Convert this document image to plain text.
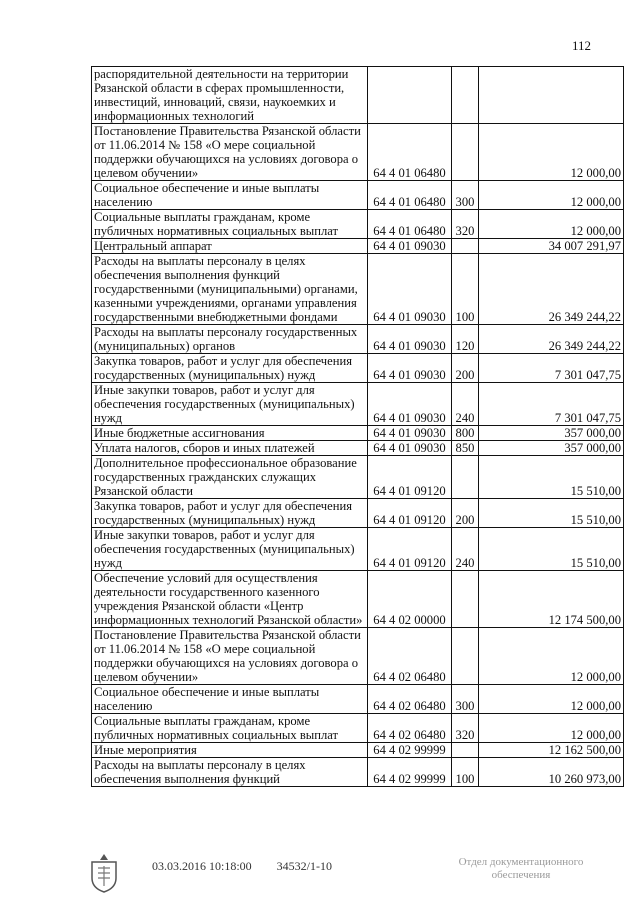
112
распорядительной деятельности на территории Рязанской области в сферах промышленности, инвестиций, инноваций, связи, наукоемких и информационных технологий			
Постановление Правительства Рязанской области от 11.06.2014 № 158 «О мере социальной поддержки обучающихся на условиях договора о целевом обучении»	64 4 01 06480		12 000,00
Социальное обеспечение и иные выплаты населению	64 4 01 06480	300	12 000,00
Социальные выплаты гражданам, кроме публичных нормативных социальных выплат	64 4 01 06480	320	12 000,00
Центральный аппарат	64 4 01 09030		34 007 291,97
Расходы на выплаты персоналу в целях обеспечения выполнения функций государственными (муниципальными) органами, казенными учреждениями, органами управления государственными внебюджетными фондами	64 4 01 09030	100	26 349 244,22
Расходы на выплаты персоналу государственных (муниципальных) органов	64 4 01 09030	120	26 349 244,22
Закупка товаров, работ и услуг для обеспечения государственных (муниципальных) нужд	64 4 01 09030	200	7 301 047,75
Иные закупки товаров, работ и услуг для обеспечения государственных (муниципальных) нужд	64 4 01 09030	240	7 301 047,75
Иные бюджетные ассигнования	64 4 01 09030	800	357 000,00
Уплата налогов, сборов и иных платежей	64 4 01 09030	850	357 000,00
Дополнительное профессиональное образование государственных гражданских служащих Рязанской области	64 4 01 09120		15 510,00
Закупка товаров, работ и услуг для обеспечения государственных (муниципальных) нужд	64 4 01 09120	200	15 510,00
Иные закупки товаров, работ и услуг для обеспечения государственных (муниципальных) нужд	64 4 01 09120	240	15 510,00
Обеспечение условий для осуществления деятельности государственного казенного учреждения Рязанской области «Центр информационных технологий Рязанской области»	64 4 02 00000		12 174 500,00
Постановление Правительства Рязанской области от 11.06.2014 № 158 «О мере социальной поддержки обучающихся на условиях договора о целевом обучении»	64 4 02 06480		12 000,00
Социальное обеспечение и иные выплаты населению	64 4 02 06480	300	12 000,00
Социальные выплаты гражданам, кроме публичных нормативных социальных выплат	64 4 02 06480	320	12 000,00
Иные мероприятия	64 4 02 99999		12 162 500,00
Расходы на выплаты персоналу в целях обеспечения выполнения функций	64 4 02 99999	100	10 260 973,00
03.03.2016 10:18:00 34532/1-10	Отдел документационного обеспечения
